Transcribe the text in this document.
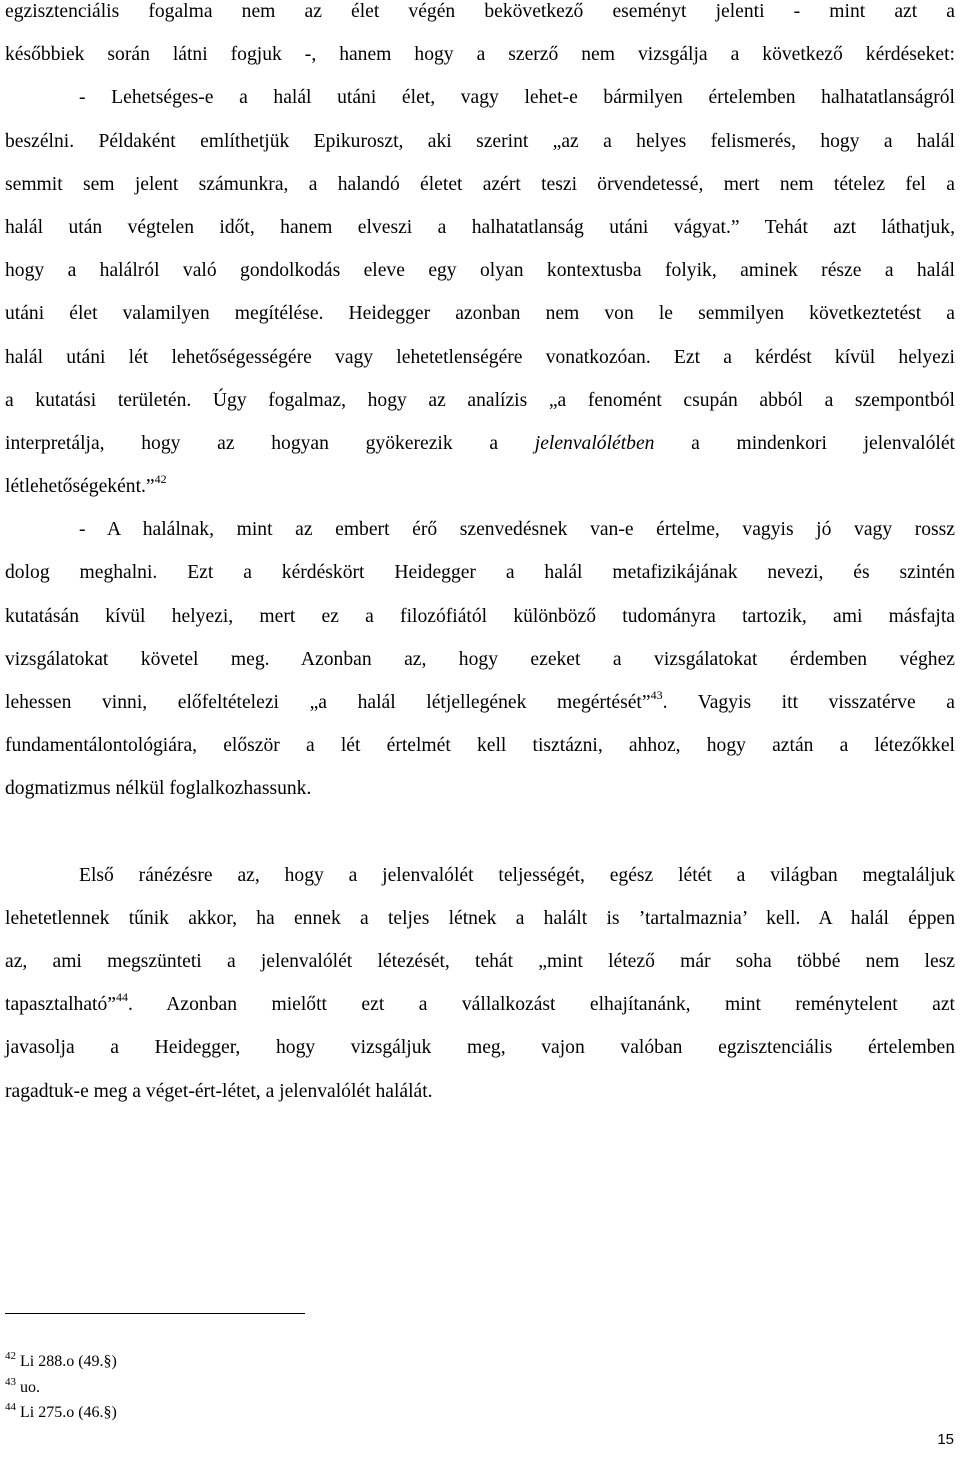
egzisztenciális fogalma nem az élet végén bekövetkező eseményt jelenti - mint azt a
későbbiek során látni fogjuk -, hanem hogy a szerző nem vizsgálja a következő kérdéseket:
- Lehetséges-e a halál utáni élet, vagy lehet-e bármilyen értelemben halhatatlanságról
beszélni. Példaként említhetjük Epikuroszt, aki szerint „az a helyes felismerés, hogy a halál
semmit sem jelent számunkra, a halandó életet azért teszi örvendetessé, mert nem tételez fel a
halál után végtelen időt, hanem elveszi a halhatatlanság utáni vágyat.” Tehát azt láthatjuk,
hogy a halálról való gondolkodás eleve egy olyan kontextusba folyik, aminek része a halál
utáni élet valamilyen megítélése. Heidegger azonban nem von le semmilyen következtetést a
halál utáni lét lehetőségességére vagy lehetetlenségére vonatkozóan. Ezt a kérdést kívül helyezi
a kutatási területén. Úgy fogalmaz, hogy az analízis „a fenomént csupán abból a szempontból
interpretálja, hogy az hogyan gyökerezik a jelenvalólétben a mindenkori jelenvalólét
létlehetőségeként.”$^{42}$
- A halálnak, mint az embert érő szenvedésnek van-e értelme, vagyis jó vagy rossz
dolog meghalni. Ezt a kérdéskört Heidegger a halál metafizikájának nevezi, és szintén
kutatásán kívül helyezi, mert ez a filozófiától különböző tudományra tartozik, ami másfajta
vizsgálatokat követel meg. Azonban az, hogy ezeket a vizsgálatokat érdemben véghez
lehessen vinni, előfeltételezi „a halál létjellegének megértését”$^{43}$. Vagyis itt visszatérve a
fundamentálontológiára, először a lét értelmét kell tisztázni, ahhoz, hogy aztán a létezőkkel
dogmatizmus nélkül foglalkozhassunk.
Első ránézésre az, hogy a jelenvalólét teljességét, egész létét a világban megtaláljuk
lehetetlennek tűnik akkor, ha ennek a teljes létnek a halált is ’tartalmaznia’ kell. A halál éppen
az, ami megszünteti a jelenvalólét létezését, tehát „mint létező már soha többé nem lesz
tapasztalható”$^{44}$. Azonban mielőtt ezt a vállalkozást elhajítanánk, mint reménytelent azt
javasolja a Heidegger, hogy vizsgáljuk meg, vajon valóban egzisztenciális értelemben
ragadtuk-e meg a véget-ért-létet, a jelenvalólét halálát.
$^{42}$ Li 288.o (49.§)
$^{43}$ uo.
$^{44}$ Li 275.o (46.§)
15
